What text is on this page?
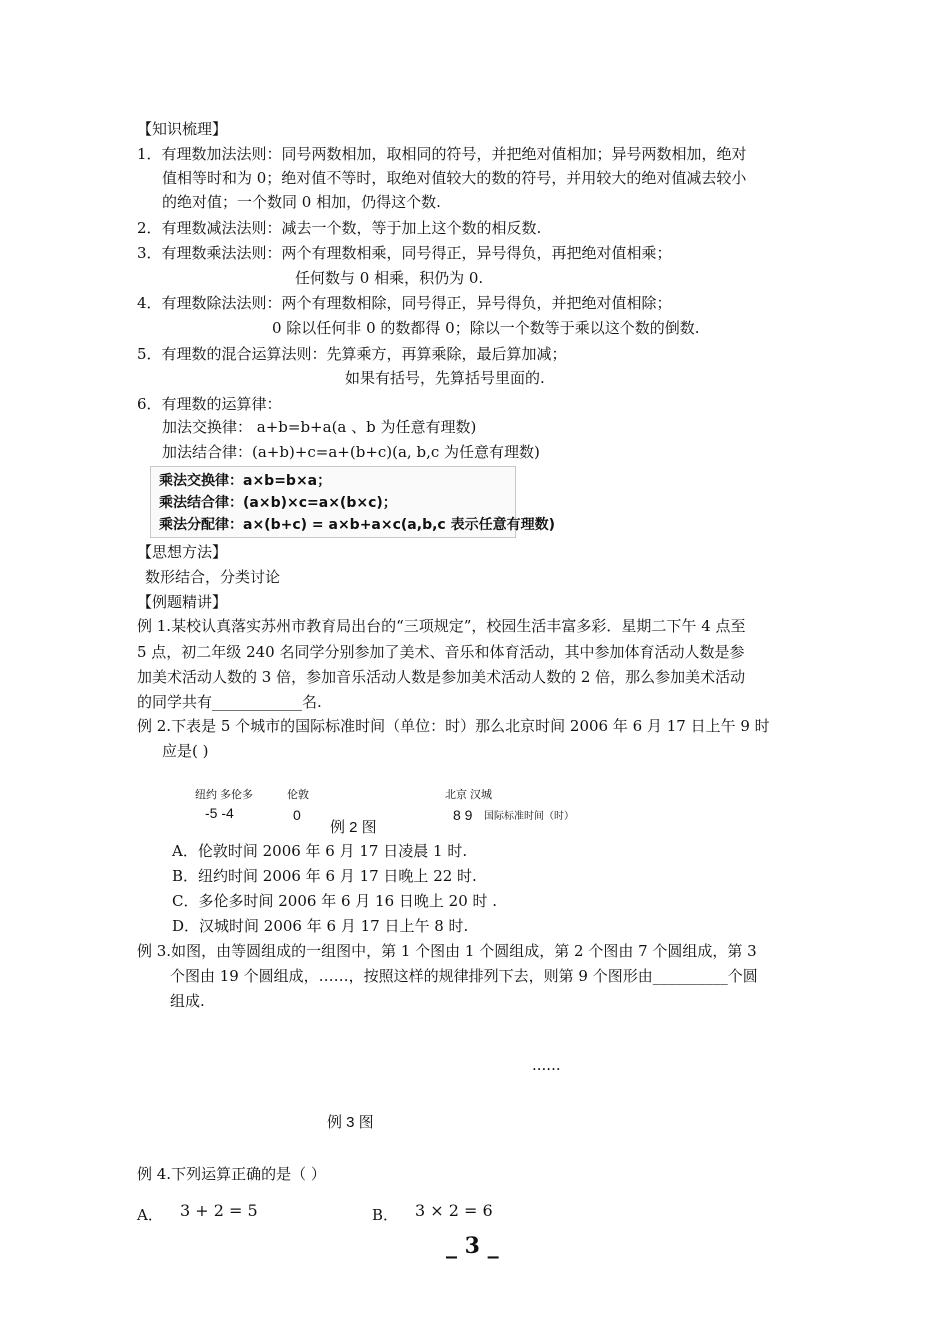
【知识梳理】
1．有理数加法法则：同号两数相加，取相同的符号，并把绝对值相加；异号两数相加，绝对
值相等时和为 0；绝对值不等时，取绝对值较大的数的符号，并用较大的绝对值减去较小
的绝对值；一个数同 0 相加，仍得这个数.
2．有理数减法法则：减去一个数，等于加上这个数的相反数.
3．有理数乘法法则：两个有理数相乘，同号得正，异号得负，再把绝对值相乘；
任何数与 0 相乘，积仍为 0.
4．有理数除法法则：两个有理数相除，同号得正，异号得负，并把绝对值相除；
0 除以任何非 0 的数都得 0；除以一个数等于乘以这个数的倒数.
5．有理数的混合运算法则：先算乘方，再算乘除，最后算加减；
如果有括号，先算括号里面的.
6．有理数的运算律：
加法交换律： a+b=b+a(a 、b 为任意有理数)
加法结合律：(a+b)+c=a+(b+c)(a, b,c 为任意有理数)
乘法交换律：a×b=b×a；
乘法结合律：(a×b)×c=a×(b×c)；
乘法分配律：a×(b+c) = a×b+a×c(a,b,c 表示任意有理数)
【思想方法】
数形结合，分类讨论
【例题精讲】
例 1.某校认真落实苏州市教育局出台的“三项规定”，校园生活丰富多彩．星期二下午 4 点至
5 点，初二年级 240 名同学分别参加了美术、音乐和体育活动，其中参加体育活动人数是参
加美术活动人数的 3 倍，参加音乐活动人数是参加美术活动人数的 2 倍，那么参加美术活动
的同学共有____________名.
例 2.下表是 5 个城市的国际标准时间（单位：时）那么北京时间 2006 年 6 月 17 日上午 9 时
应是( )
纽约 多伦多	伦敦	北京 汉城
-5 -4	0	8 9 国际标准时间（时）
例 2 图
A．伦敦时间 2006 年 6 月 17 日凌晨 1 时.
B．纽约时间 2006 年 6 月 17 日晚上 22 时.
C．多伦多时间 2006 年 6 月 16 日晚上 20 时 .
D．汉城时间 2006 年 6 月 17 日上午 8 时.
例 3.如图，由等圆组成的一组图中，第 1 个图由 1 个圆组成，第 2 个图由 7 个圆组成，第 3
个图由 19 个圆组成，……，按照这样的规律排列下去，则第 9 个图形由__________个圆
组成.
......
例 3 图
例 4.下列运算正确的是（ ）
A． 3 + 2 = 5	B． 3 × 2 = 6
_ 3 _
